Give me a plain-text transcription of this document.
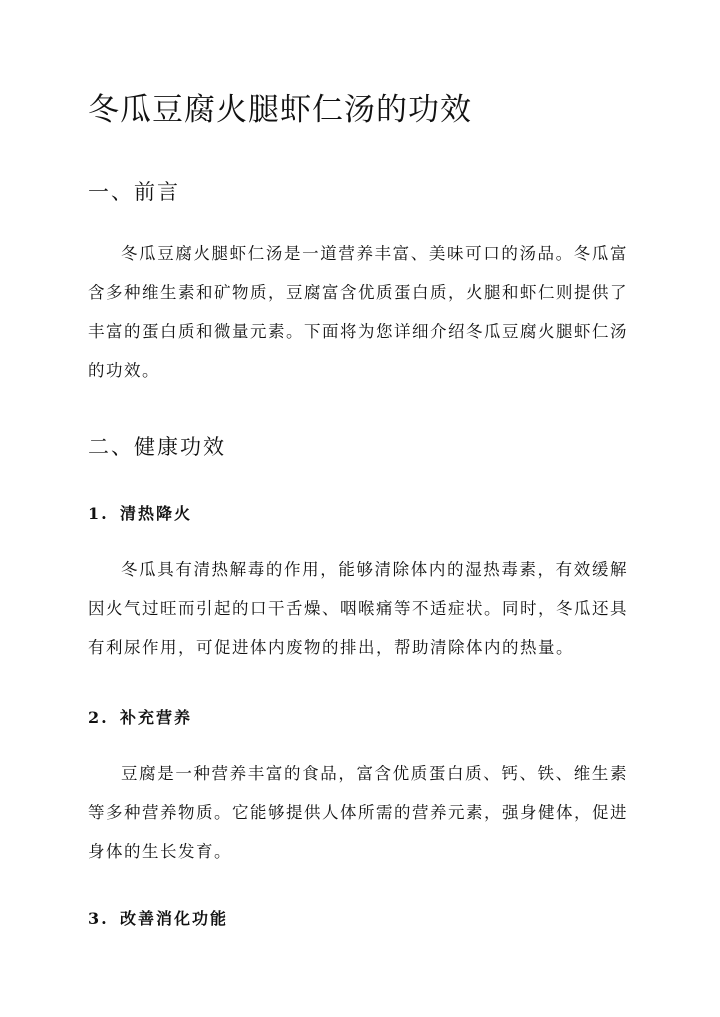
冬瓜豆腐火腿虾仁汤的功效
一、前言

冬瓜豆腐火腿虾仁汤是一道营养丰富、美味可口的汤品。冬瓜富含多种维生素和矿物质，豆腐富含优质蛋白质，火腿和虾仁则提供了丰富的蛋白质和微量元素。下面将为您详细介绍冬瓜豆腐火腿虾仁汤的功效。

二、健康功效
1. 清热降火

冬瓜具有清热解毒的作用，能够清除体内的湿热毒素，有效缓解因火气过旺而引起的口干舌燥、咽喉痛等不适症状。同时，冬瓜还具有利尿作用，可促进体内废物的排出，帮助清除体内的热量。

2. 补充营养

豆腐是一种营养丰富的食品，富含优质蛋白质、钙、铁、维生素等多种营养物质。它能够提供人体所需的营养元素，强身健体，促进身体的生长发育。

3. 改善消化功能
